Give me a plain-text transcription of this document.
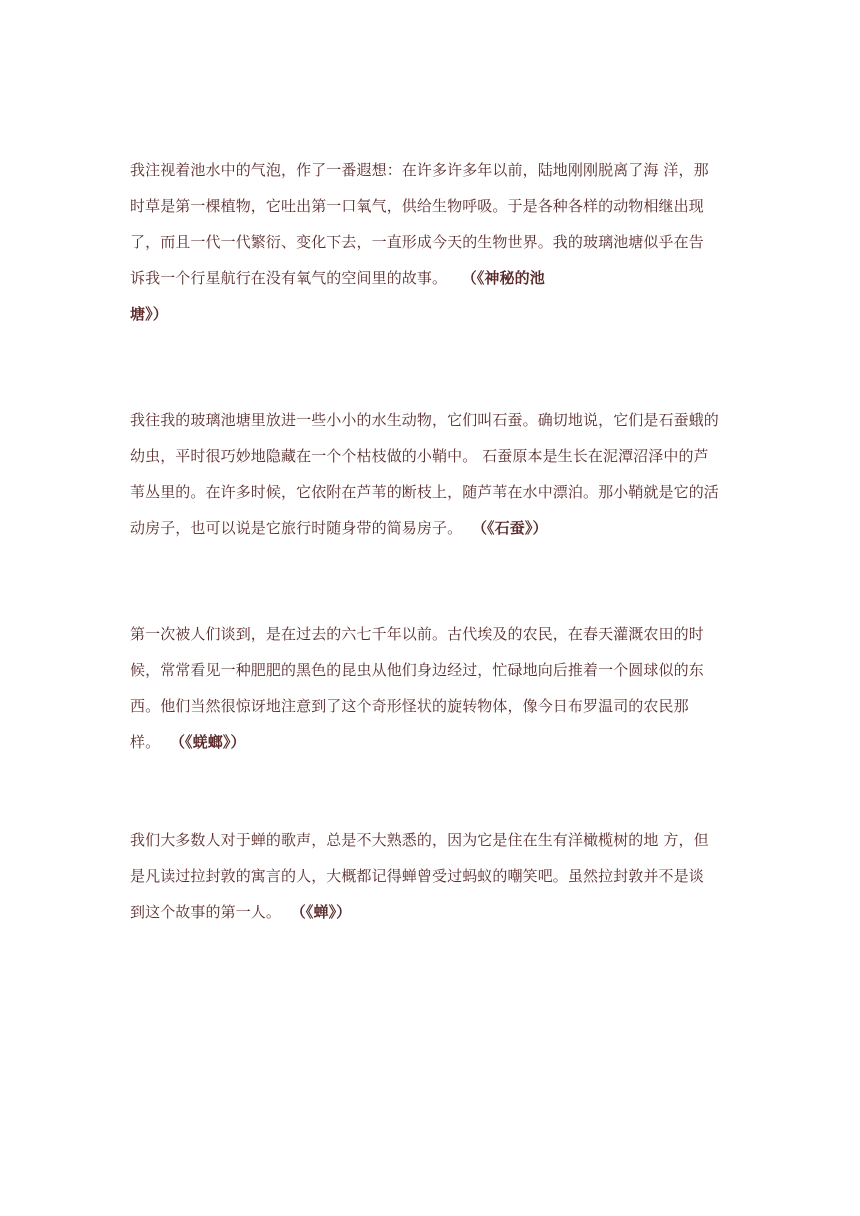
我注视着池水中的气泡，作了一番遐想：在许多许多年以前，陆地刚刚脱离了海 洋，那
时草是第一棵植物，它吐出第一口氧气，供给生物呼吸。于是各种各样的动物相继出现
了，而且一代一代繁衍、变化下去，一直形成今天的生物世界。我的玻璃池塘似乎在告
诉我一个行星航行在没有氧气的空间里的故事。 （《神秘的池
塘》）
我往我的玻璃池塘里放进一些小小的水生动物，它们叫石蚕。确切地说，它们是石蚕蛾的
幼虫，平时很巧妙地隐藏在一个个枯枝做的小鞘中。 石蚕原本是生长在泥潭沼泽中的芦
苇丛里的。在许多时候，它依附在芦苇的断枝上，随芦苇在水中漂泊。那小鞘就是它的活
动房子，也可以说是它旅行时随身带的简易房子。 （《石蚕》）
第一次被人们谈到，是在过去的六七千年以前。古代埃及的农民，在春天灌溉农田的时
候，常常看见一种肥肥的黑色的昆虫从他们身边经过，忙碌地向后推着一个圆球似的东
西。他们当然很惊讶地注意到了这个奇形怪状的旋转物体，像今日布罗温司的农民那
样。 （《蜣螂》）
我们大多数人对于蝉的歌声，总是不大熟悉的，因为它是住在生有洋橄榄树的地 方，但
是凡读过拉封敦的寓言的人，大概都记得蝉曾受过蚂蚁的嘲笑吧。虽然拉封敦并不是谈
到这个故事的第一人。 （《蝉》）
